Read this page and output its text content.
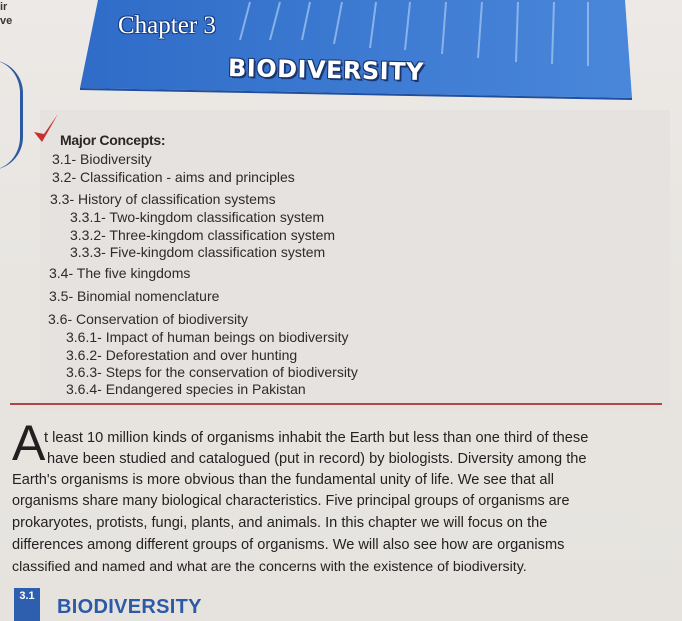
ir
ve	Chapter 3
BIODIVERSITY
Major Concepts:
3.1- Biodiversity
3.2- Classification - aims and principles
3.3- History of classification systems
3.3.1- Two-kingdom classification system
3.3.2- Three-kingdom classification system
3.3.3- Five-kingdom classification system
3.4- The five kingdoms
3.5- Binomial nomenclature
3.6- Conservation of biodiversity
3.6.1- Impact of human beings on biodiversity
3.6.2- Deforestation and over hunting
3.6.3- Steps for the conservation of biodiversity
3.6.4- Endangered species in Pakistan
A
t least 10 million kinds of organisms inhabit the Earth but less than one third of these
have been studied and catalogued (put in record) by biologists. Diversity among the
Earth's organisms is more obvious than the fundamental unity of life. We see that all
organisms share many biological characteristics. Five principal groups of organisms are
prokaryotes, protists, fungi, plants, and animals. In this chapter we will focus on the
differences among different groups of organisms. We will also see how are organisms
classified and named and what are the concerns with the existence of biodiversity.
3.1 BIODIVERSITY
